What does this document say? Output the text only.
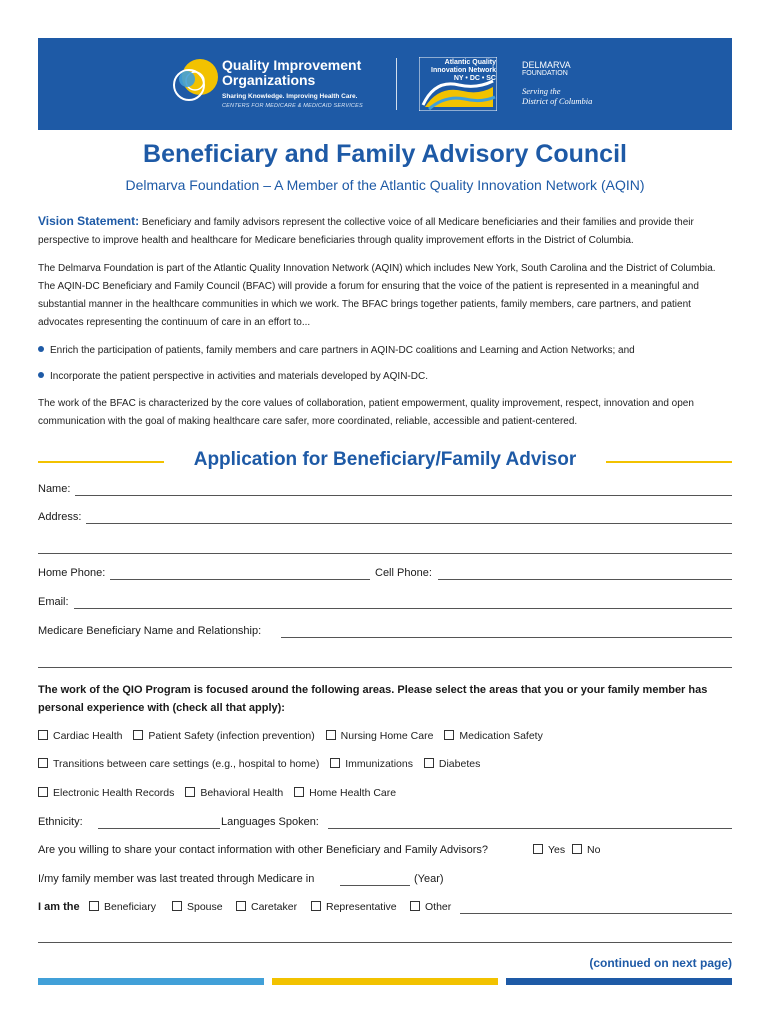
Quality Improvement
Organizations
Sharing Knowledge. Improving Health Care.
CENTERS FOR MEDICARE & MEDICAID SERVICES
Atlantic Quality
Innovation Network
NY • DC • SC
DELMARVA
FOUNDATION
Serving the
District of Columbia
Beneficiary and Family Advisory Council
Delmarva Foundation – A Member of the Atlantic Quality Innovation Network (AQIN)
Vision Statement: Beneficiary and family advisors represent the collective voice of all Medicare beneficiaries and their families and provide their perspective to improve health and healthcare for Medicare beneficiaries through quality improvement efforts in the District of Columbia.
The Delmarva Foundation is part of the Atlantic Quality Innovation Network (AQIN) which includes New York, South Carolina and the District of Columbia. The AQIN-DC Beneficiary and Family Council (BFAC) will provide a forum for ensuring that the voice of the patient is represented in a meaningful and substantial manner in the healthcare communities in which we work. The BFAC brings together patients, family members, care partners, and patient advocates representing the continuum of care in an effort to...
Enrich the participation of patients, family members and care partners in AQIN-DC coalitions and Learning and Action Networks; and
Incorporate the patient perspective in activities and materials developed by AQIN-DC.
The work of the BFAC is characterized by the core values of collaboration, patient empowerment, quality improvement, respect, innovation and open communication with the goal of making healthcare care safer, more coordinated, reliable, accessible and patient-centered.
Application for Beneficiary/Family Advisor
Name:
Address:
Home Phone:	Cell Phone:
Email:
Medicare Beneficiary Name and Relationship:
The work of the QIO Program is focused around the following areas. Please select the areas that you or your family member has personal experience with (check all that apply):
Cardiac Health Patient Safety (infection prevention) Nursing Home Care Medication Safety
Transitions between care settings (e.g., hospital to home) Immunizations Diabetes
Electronic Health Records Behavioral Health Home Health Care
Ethnicity:	Languages Spoken:
Are you willing to share your contact information with other Beneficiary and Family Advisors?	Yes	No
I/my family member was last treated through Medicare in	(Year)
I am the	Beneficiary	Spouse	Caretaker	Representative	Other
(continued on next page)
